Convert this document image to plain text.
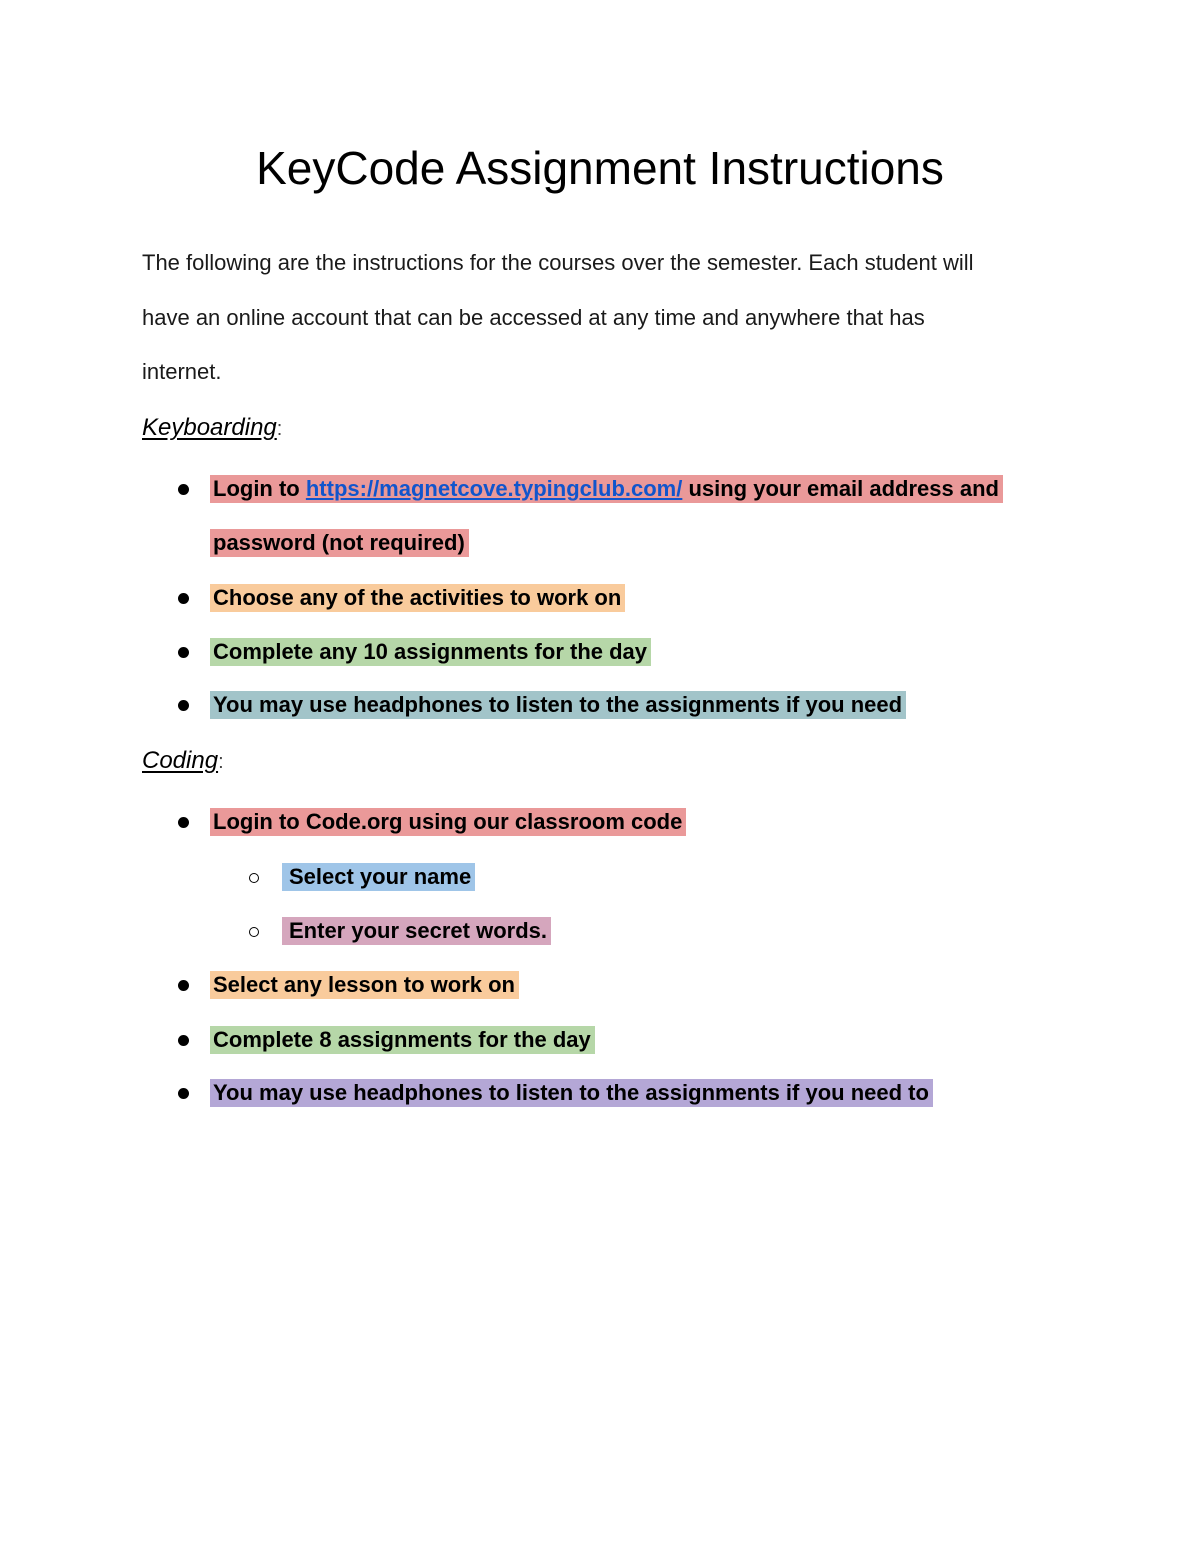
KeyCode Assignment Instructions
The following are the instructions for the courses over the semester. Each student will
have an online account that can be accessed at any time and anywhere that has
internet.
Keyboarding:
Login to https://magnetcove.typingclub.com/ using your email address and
password (not required)
Choose any of the activities to work on
Complete any 10 assignments for the day
You may use headphones to listen to the assignments if you need
Coding:
Login to Code.org using our classroom code
Select your name
Enter your secret words.
Select any lesson to work on
Complete 8 assignments for the day
You may use headphones to listen to the assignments if you need to
